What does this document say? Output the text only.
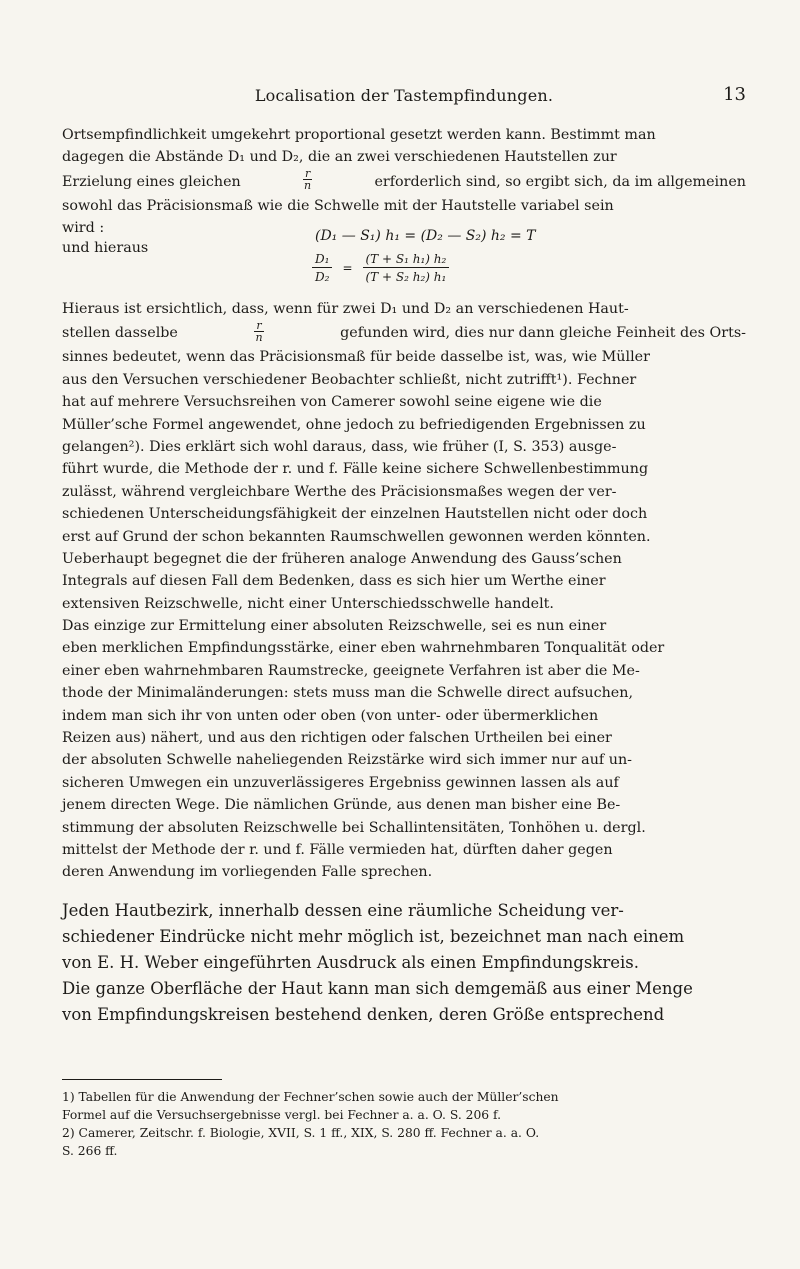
Localisation der Tastempfindungen.	13
Ortsempfindlichkeit umgekehrt proportional gesetzt werden kann. Bestimmt man
dagegen die Abstände D₁ und D₂, die an zwei verschiedenen Hautstellen zur
Erzielung eines gleichen	$\frac{r}{n}$	erforderlich sind, so ergibt sich, da im allgemeinen
sowohl das Präcisionsmaß wie die Schwelle mit der Hautstelle variabel sein
wird :	(D₁ — S₁) h₁ = (D₂ — S₂) h₂ = T
und hieraus
$\frac{\text{D₁}}{\text{D₂}} = \frac{\text{(T + S₁ h₁) h₂}}{\text{(T + S₂ h₂) h₁}}$
Hieraus ist ersichtlich, dass, wenn für zwei D₁ und D₂ an verschiedenen Haut-
stellen dasselbe	$\frac{r}{n}$	gefunden wird, dies nur dann gleiche Feinheit des Orts-
sinnes bedeutet, wenn das Präcisionsmaß für beide dasselbe ist, was, wie Müller
aus den Versuchen verschiedener Beobachter schließt, nicht zutrifft¹). Fechner
hat auf mehrere Versuchsreihen von Camerer sowohl seine eigene wie die
Müller’sche Formel angewendet, ohne jedoch zu befriedigenden Ergebnissen zu
gelangen²). Dies erklärt sich wohl daraus, dass, wie früher (I, S. 353) ausge-
führt wurde, die Methode der r. und f. Fälle keine sichere Schwellenbestimmung
zulässt, während vergleichbare Werthe des Präcisionsmaßes wegen der ver-
schiedenen Unterscheidungsfähigkeit der einzelnen Hautstellen nicht oder doch
erst auf Grund der schon bekannten Raumschwellen gewonnen werden könnten.
Ueberhaupt begegnet die der früheren analoge Anwendung des Gauss’schen
Integrals auf diesen Fall dem Bedenken, dass es sich hier um Werthe einer
extensiven Reizschwelle, nicht einer Unterschiedsschwelle handelt.
Das einzige zur Ermittelung einer absoluten Reizschwelle, sei es nun einer
eben merklichen Empfindungsstärke, einer eben wahrnehmbaren Tonqualität oder
einer eben wahrnehmbaren Raumstrecke, geeignete Verfahren ist aber die Me-
thode der Minimaländerungen: stets muss man die Schwelle direct aufsuchen,
indem man sich ihr von unten oder oben (von unter- oder übermerklichen
Reizen aus) nähert, und aus den richtigen oder falschen Urtheilen bei einer
der absoluten Schwelle naheliegenden Reizstärke wird sich immer nur auf un-
sicheren Umwegen ein unzuverlässigeres Ergebniss gewinnen lassen als auf
jenem directen Wege. Die nämlichen Gründe, aus denen man bisher eine Be-
stimmung der absoluten Reizschwelle bei Schallintensitäten, Tonhöhen u. dergl.
mittelst der Methode der r. und f. Fälle vermieden hat, dürften daher gegen
deren Anwendung im vorliegenden Falle sprechen.
Jeden Hautbezirk, innerhalb dessen eine räumliche Scheidung ver-
schiedener Eindrücke nicht mehr möglich ist, bezeichnet man nach einem
von E. H. Weber eingeführten Ausdruck als einen Empfindungskreis.
Die ganze Oberfläche der Haut kann man sich demgemäß aus einer Menge
von Empfindungskreisen bestehend denken, deren Größe entsprechend
1) Tabellen für die Anwendung der Fechner’schen sowie auch der Müller’schen
Formel auf die Versuchsergebnisse vergl. bei Fechner a. a. O. S. 206 f.
2) Camerer, Zeitschr. f. Biologie, XVII, S. 1 ff., XIX, S. 280 ff. Fechner a. a. O.
S. 266 ff.
